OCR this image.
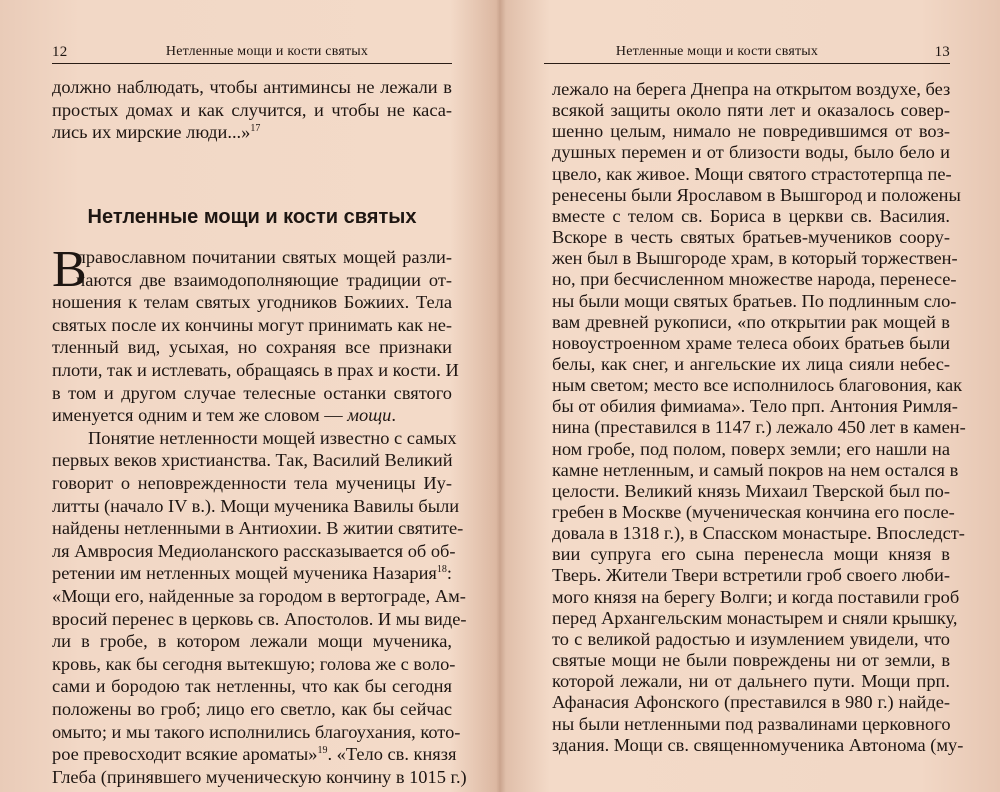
12	Нетленные мощи и кости святых
должно наблюдать, чтобы антиминсы не лежали в
простых домах и как случится, и чтобы не каса-
лись их мирские люди...»$^{17}$
православном почитании святых мощей разли-
чаются две взаимодополняющие традиции от-
ношения к телам святых угодников Божиих. Тела
святых после их кончины могут принимать как не-
тленный вид, усыхая, но сохраняя все признаки
плоти, так и истлевать, обращаясь в прах и кости. И
в том и другом случае телесные останки святого
именуется одним и тем же словом — мощи.
Понятие нетленности мощей известно с самых
первых веков христианства. Так, Василий Великий
говорит о неповрежденности тела мученицы Иу-
литты (начало IV в.). Мощи мученика Вавилы были
найдены нетленными в Антиохии. В житии святите-
ля Амвросия Медиоланского рассказывается об об-
ретении им нетленных мощей мученика Назария$^{18}$:
«Мощи его, найденные за городом в вертограде, Ам-
вросий перенес в церковь св. Апостолов. И мы виде-
ли в гробе, в котором лежали мощи мученика,
кровь, как бы сегодня вытекшую; голова же с воло-
сами и бородою так нетленны, что как бы сегодня
положены во гроб; лицо его светло, как бы сейчас
омыто; и мы такого исполнились благоухания, кото-
рое превосходит всякие ароматы»$^{19}$. «Тело св. князя
Глеба (принявшего мученическую кончину в 1015 г.)
Нетленные мощи и кости святых
В
Нетленные мощи и кости святых	13
лежало на берега Днепра на открытом воздухе, без
всякой защиты около пяти лет и оказалось совер-
шенно целым, нимало не повредившимся от воз-
душных перемен и от близости воды, было бело и
цвело, как живое. Мощи святого страстотерпца пе-
ренесены были Ярославом в Вышгород и положены
вместе с телом св. Бориса в церкви св. Василия.
Вскоре в честь святых братьев-мучеников соору-
жен был в Вышгороде храм, в который торжествен-
но, при бесчисленном множестве народа, перенесе-
ны были мощи святых братьев. По подлинным сло-
вам древней рукописи, «по открытии рак мощей в
новоустроенном храме телеса обоих братьев были
белы, как снег, и ангельские их лица сияли небес-
ным светом; место все исполнилось благовония, как
бы от обилия фимиама». Тело прп. Антония Римля-
нина (преставился в 1147 г.) лежало 450 лет в камен-
ном гробе, под полом, поверх земли; его нашли на
камне нетленным, и самый покров на нем остался в
целости. Великий князь Михаил Тверской был по-
гребен в Москве (мученическая кончина его после-
довала в 1318 г.), в Спасском монастыре. Впоследст-
вии супруга его сына перенесла мощи князя в
Тверь. Жители Твери встретили гроб своего люби-
мого князя на берегу Волги; и когда поставили гроб
перед Архангельским монастырем и сняли крышку,
то с великой радостью и изумлением увидели, что
святые мощи не были повреждены ни от земли, в
которой лежали, ни от дальнего пути. Мощи прп.
Афанасия Афонского (преставился в 980 г.) найде-
ны были нетленными под развалинами церковного
здания. Мощи св. священномученика Автонома (му-
